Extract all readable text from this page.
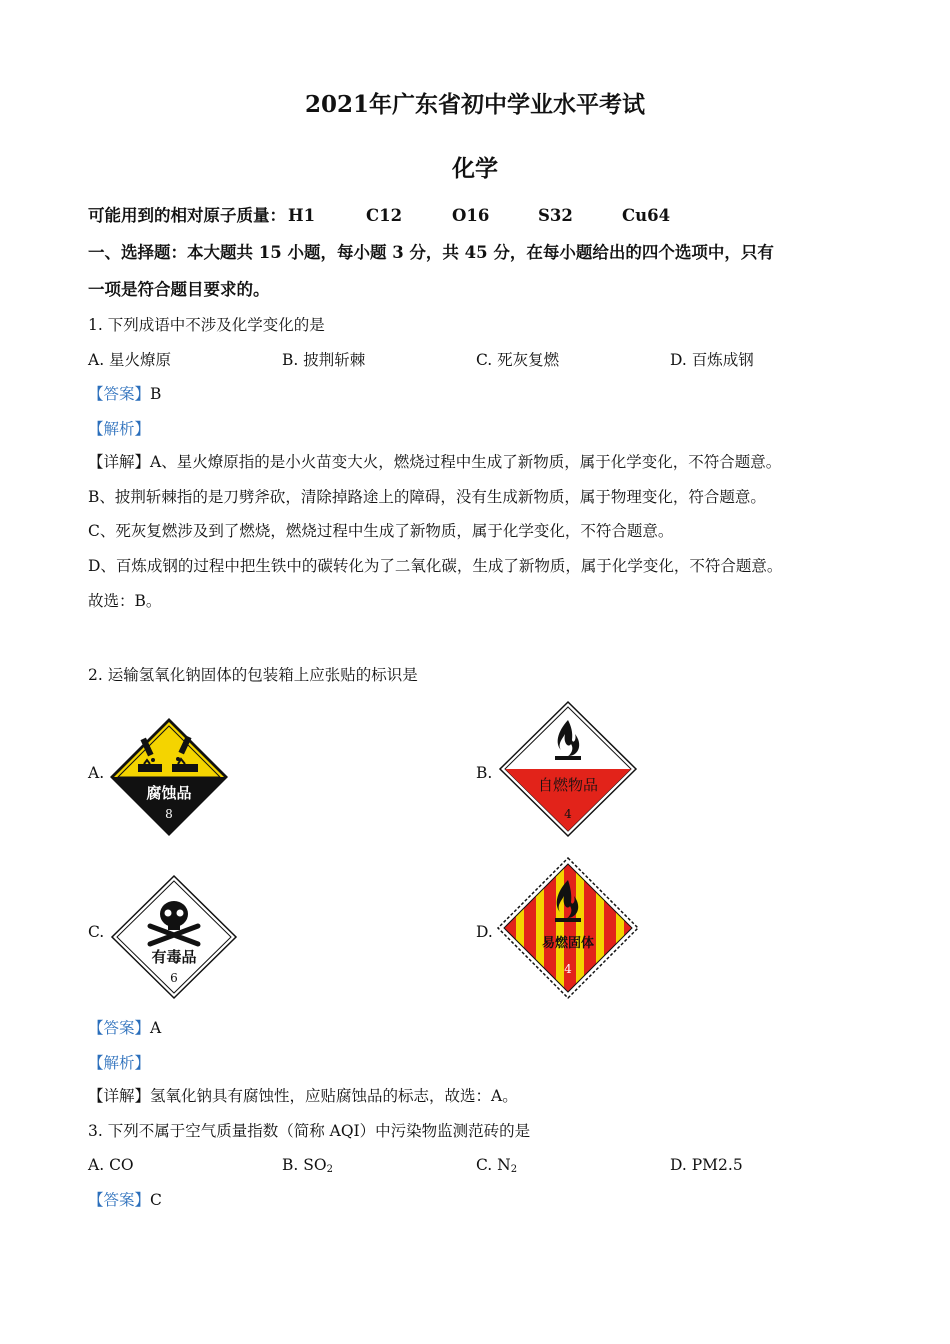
2021年广东省初中学业水平考试
化学
可能用到的相对原子质量： H1	C12	O16	S32	Cu64
一、选择题：本大题共 15 小题，每小题 3 分，共 45 分，在每小题给出的四个选项中，只有
一项是符合题目要求的。
1. 下列成语中不涉及化学变化的是
A. 星火燎原	B. 披荆斩棘	C. 死灰复燃	D. 百炼成钢
【答案】B
【解析】
【详解】A、星火燎原指的是小火苗变大火，燃烧过程中生成了新物质，属于化学变化，不符合题意。
B、披荆斩棘指的是刀劈斧砍，清除掉路途上的障碍，没有生成新物质，属于物理变化，符合题意。
C、死灰复燃涉及到了燃烧，燃烧过程中生成了新物质，属于化学变化，不符合题意。
D、百炼成钢的过程中把生铁中的碳转化为了二氧化碳，生成了新物质，属于化学变化，不符合题意。
故选：B。
2. 运输氢氧化钠固体的包装箱上应张贴的标识是
A.	B.
C.	D.
腐蚀品
8
自燃物品
4
有毒品
6
易燃固体
4
【答案】A
【解析】
【详解】氢氧化钠具有腐蚀性，应贴腐蚀品的标志，故选：A。
3. 下列不属于空气质量指数（简称 AQI）中污染物监测范砖的是
A. CO	B. $SO_2$	C. $N_2$	D. PM2.5
【答案】C
